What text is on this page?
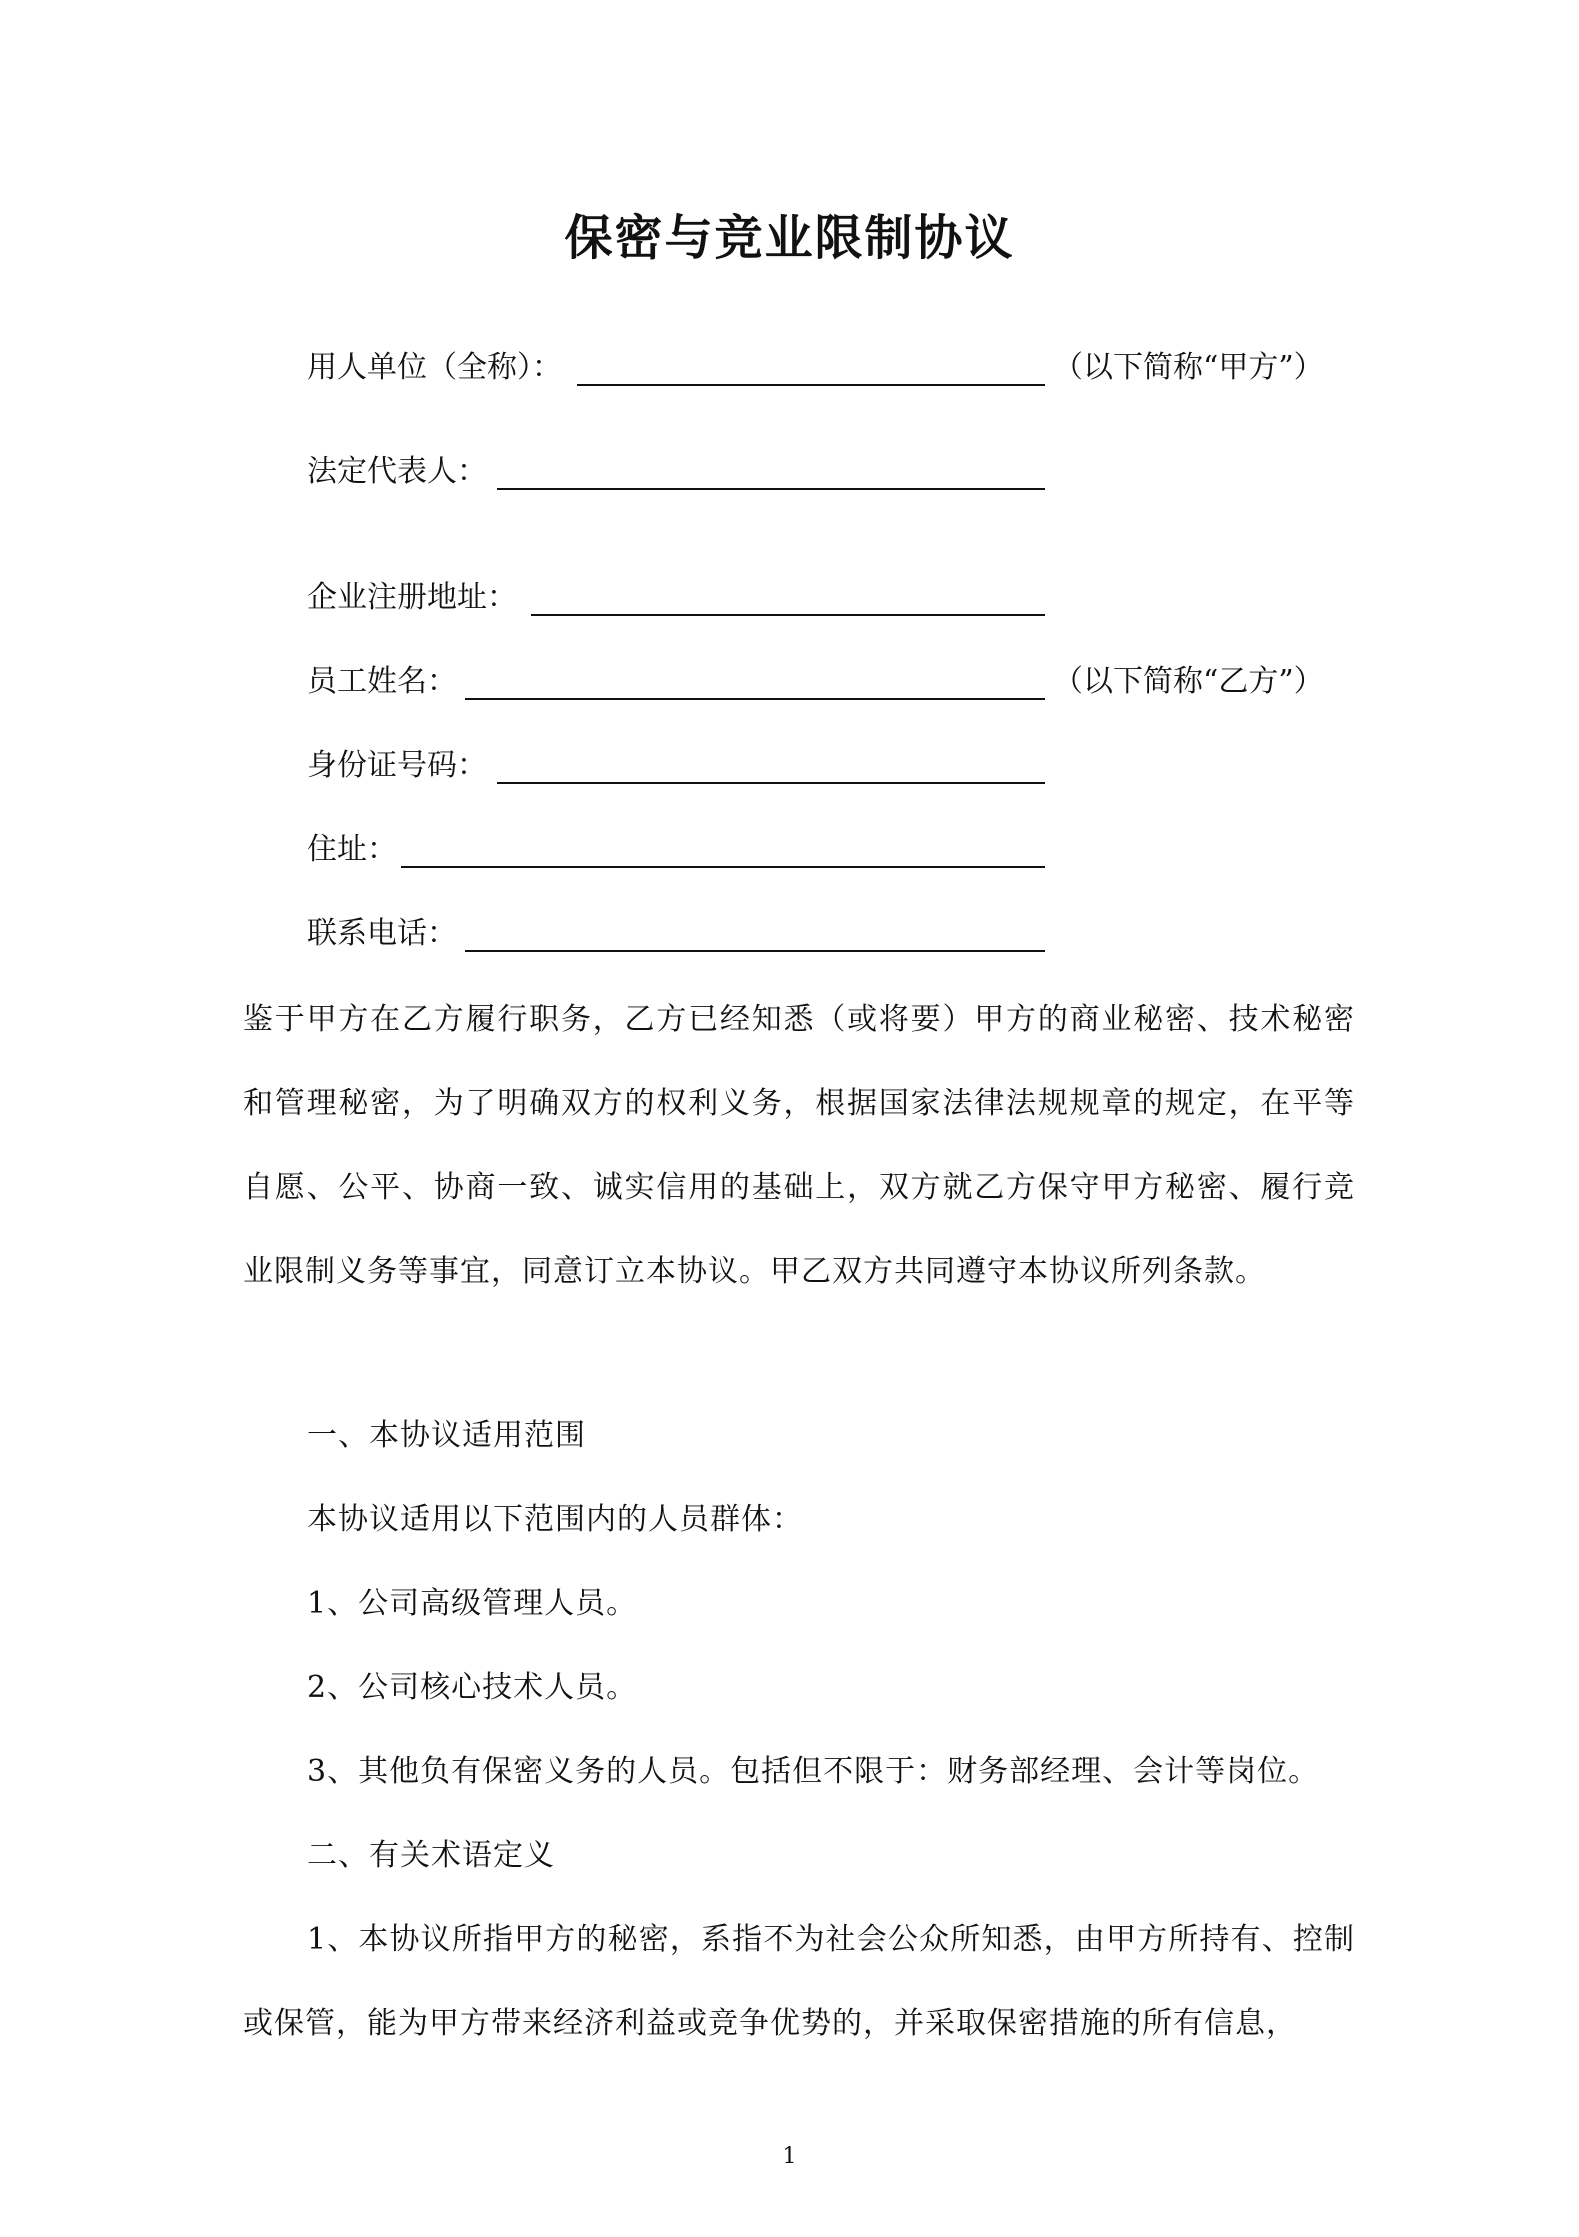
保密与竞业限制协议
用人单位（全称）：	（以下简称“甲方”）
法定代表人：
企业注册地址：
员工姓名：	（以下简称“乙方”）
身份证号码：
住址：
联系电话：
鉴于甲方在乙方履行职务，乙方已经知悉（或将要）甲方的商业秘密、技术秘密和管理秘密，为了明确双方的权利义务，根据国家法律法规规章的规定，在平等自愿、公平、协商一致、诚实信用的基础上，双方就乙方保守甲方秘密、履行竞业限制义务等事宜，同意订立本协议。甲乙双方共同遵守本协议所列条款。
一、本协议适用范围
本协议适用以下范围内的人员群体：
1、公司高级管理人员。
2、公司核心技术人员。
3、其他负有保密义务的人员。包括但不限于：财务部经理、会计等岗位。
二、有关术语定义
1、本协议所指甲方的秘密，系指不为社会公众所知悉，由甲方所持有、控制或保管，能为甲方带来经济利益或竞争优势的，并采取保密措施的所有信息，
1
